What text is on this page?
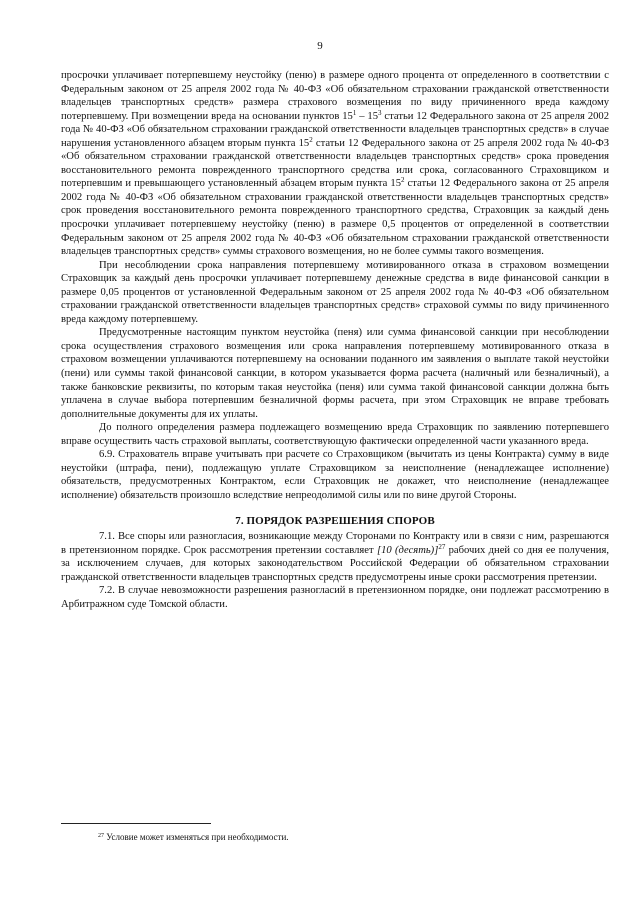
9

просрочки уплачивает потерпевшему неустойку (пеню) в размере одного процента от определенного в соответствии с Федеральным законом от 25 апреля 2002 года № 40-ФЗ «Об обязательном страховании гражданской ответственности владельцев транспортных средств» размера страхового возмещения по виду причиненного вреда каждому потерпевшему. При возмещении вреда на основании пунктов $15^1 - 15^3$ статьи 12 Федерального закона от 25 апреля 2002 года № 40-ФЗ «Об обязательном страховании гражданской ответственности владельцев транспортных средств» в случае нарушения установленного абзацем вторым пункта $15^2$ статьи 12 Федерального закона от 25 апреля 2002 года № 40-ФЗ «Об обязательном страховании гражданской ответственности владельцев транспортных средств» срока проведения восстановительного ремонта поврежденного транспортного средства или срока, согласованного Страховщиком и потерпевшим и превышающего установленный абзацем вторым пункта $15^2$ статьи 12 Федерального закона от 25 апреля 2002 года № 40-ФЗ «Об обязательном страховании гражданской ответственности владельцев транспортных средств» срок проведения восстановительного ремонта поврежденного транспортного средства, Страховщик за каждый день просрочки уплачивает потерпевшему неустойку (пеню) в размере 0,5 процентов от определенной в соответствии Федеральным законом от 25 апреля 2002 года № 40-ФЗ «Об обязательном страховании гражданской ответственности владельцев транспортных средств» суммы страхового возмещения, но не более суммы такого возмещения.

При несоблюдении срока направления потерпевшему мотивированного отказа в страховом возмещении Страховщик за каждый день просрочки уплачивает потерпевшему денежные средства в виде финансовой санкции в размере 0,05 процентов от установленной Федеральным законом от 25 апреля 2002 года № 40-ФЗ «Об обязательном страховании гражданской ответственности владельцев транспортных средств» страховой суммы по виду причиненного вреда каждому потерпевшему.

Предусмотренные настоящим пунктом неустойка (пеня) или сумма финансовой санкции при несоблюдении срока осуществления страхового возмещения или срока направления потерпевшему мотивированного отказа в страховом возмещении уплачиваются потерпевшему на основании поданного им заявления о выплате такой неустойки (пени) или суммы такой финансовой санкции, в котором указывается форма расчета (наличный или безналичный), а также банковские реквизиты, по которым такая неустойка (пеня) или сумма такой финансовой санкции должна быть уплачена в случае выбора потерпевшим безналичной формы расчета, при этом Страховщик не вправе требовать дополнительные документы для их уплаты.

До полного определения размера подлежащего возмещению вреда Страховщик по заявлению потерпевшего вправе осуществить часть страховой выплаты, соответствующую фактически определенной части указанного вреда.

6.9. Страхователь вправе учитывать при расчете со Страховщиком (вычитать из цены Контракта) сумму в виде неустойки (штрафа, пени), подлежащую уплате Страховщиком за неисполнение (ненадлежащее исполнение) обязательств, предусмотренных Контрактом, если Страховщик не докажет, что неисполнение (ненадлежащее исполнение) обязательств произошло вследствие непреодолимой силы или по вине другой Стороны.

7. ПОРЯДОК РАЗРЕШЕНИЯ СПОРОВ

7.1. Все споры или разногласия, возникающие между Сторонами по Контракту или в связи с ним, разрешаются в претензионном порядке. Срок рассмотрения претензии составляет [10 (десять)]$^{27}$ рабочих дней со дня ее получения, за исключением случаев, для которых законодательством Российской Федерации об обязательном страховании гражданской ответственности владельцев транспортных средств предусмотрены иные сроки рассмотрения претензии.

7.2. В случае невозможности разрешения разногласий в претензионном порядке, они подлежат рассмотрению в Арбитражном суде Томской области.

$^{27}$ Условие может изменяться при необходимости.
